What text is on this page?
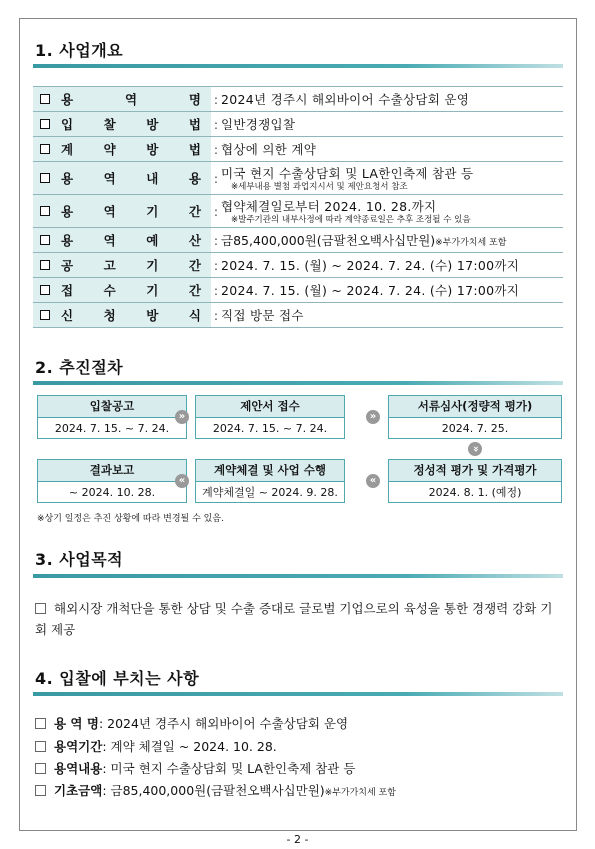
1. 사업개요
용 역 명	:	2024년 경주시 해외바이어 수출상담회 운영

입 찰 방 법	:	일반경쟁입찰

계 약 방 법	:	협상에 의한 계약

용 역 내 용	:	미국 현지 수출상담회 및 LA한인축제 참관 등
※세부내용 별첨 과업지시서 및 제안요청서 참조

용 역 기 간	:	협약체결일로부터 2024. 10. 28.까지
※발주기관의 내부사정에 따라 계약종료일은 추후 조정될 수 있음

용 역 예 산	:	금85,400,000원(금팔천오백사십만원)※부가가치세 포함

공 고 기 간	:	2024. 7. 15. (월) ~ 2024. 7. 24. (수) 17:00까지

접 수 기 간	:	2024. 7. 15. (월) ~ 2024. 7. 24. (수) 17:00까지

신 청 방 식	:	직접 방문 접수
2. 추진절차
입찰공고
2024. 7. 15. ~ 7. 24.
»
제안서 접수
2024. 7. 15. ~ 7. 24.
»
서류심사(정량적 평가)
2024. 7. 25.
»
결과보고
~ 2024. 10. 28.
«
계약체결 및 사업 수행
계약체결일 ~ 2024. 9. 28.
«
정성적 평가 및 가격평가
2024. 8. 1. (예정)
※상기 일정은 추진 상황에 따라 변경될 수 있음.
3. 사업목적
해외시장 개척단을 통한 상담 및 수출 증대로 글로벌 기업으로의 육성을 통한 경쟁력 강화 기회 제공
4. 입찰에 부치는 사항
용 역 명: 2024년 경주시 해외바이어 수출상담회 운영
용역기간: 계약 체결일 ~ 2024. 10. 28.
용역내용: 미국 현지 수출상담회 및 LA한인축제 참관 등
기초금액: 금85,400,000원(금팔천오백사십만원)※부가가치세 포함
- 2 -
